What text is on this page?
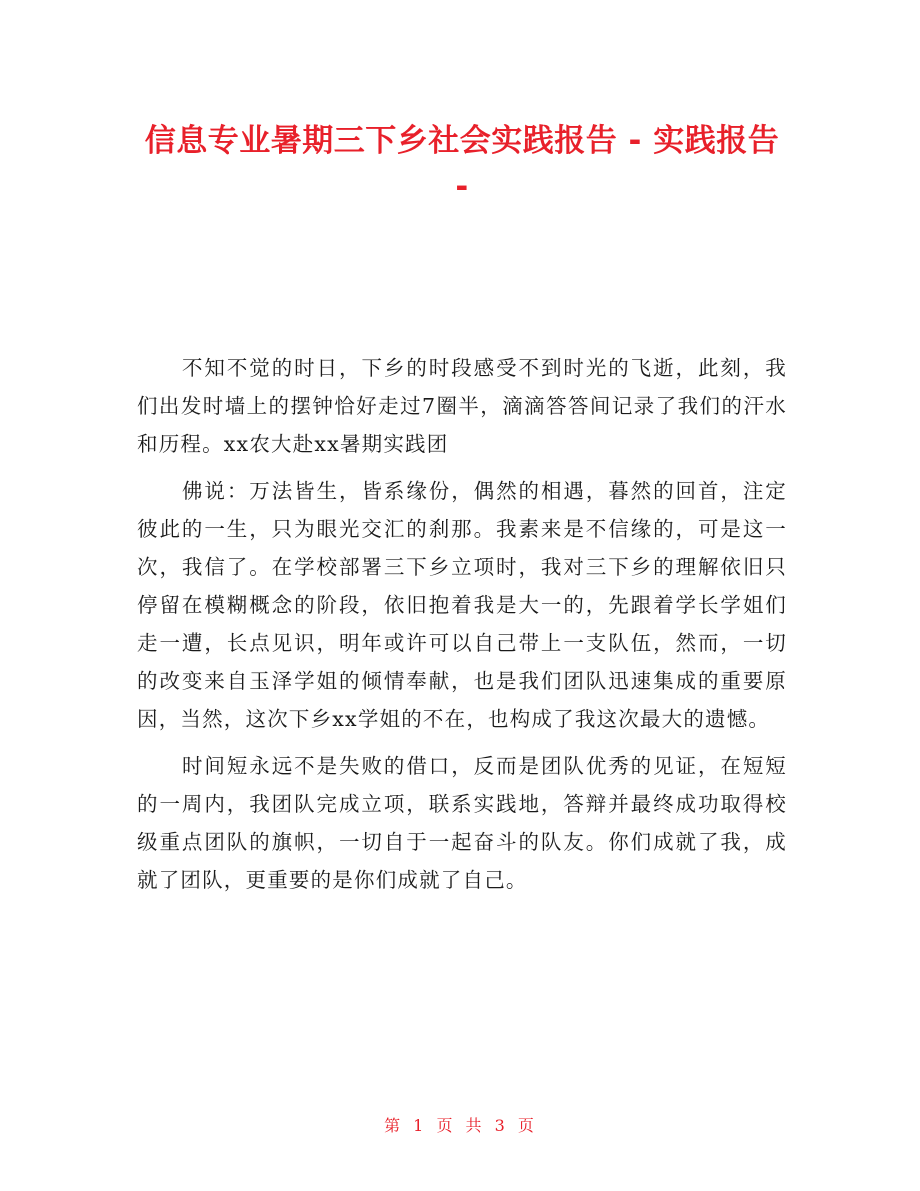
信息专业暑期三下乡社会实践报告 - 实践报告 -

不知不觉的时日，下乡的时段感受不到时光的飞逝，此刻，我们出发时墙上的摆钟恰好走过7圈半，滴滴答答间记录了我们的汗水和历程。xx农大赴xx暑期实践团

佛说：万法皆生，皆系缘份，偶然的相遇，暮然的回首，注定彼此的一生，只为眼光交汇的刹那。我素来是不信缘的，可是这一次，我信了。在学校部署三下乡立项时，我对三下乡的理解依旧只停留在模糊概念的阶段，依旧抱着我是大一的，先跟着学长学姐们走一遭，长点见识，明年或许可以自己带上一支队伍，然而，一切的改变来自玉泽学姐的倾情奉献，也是我们团队迅速集成的重要原因，当然，这次下乡xx学姐的不在，也构成了我这次最大的遗憾。

时间短永远不是失败的借口，反而是团队优秀的见证，在短短的一周内，我团队完成立项，联系实践地，答辩并最终成功取得校级重点团队的旗帜，一切自于一起奋斗的队友。你们成就了我，成就了团队，更重要的是你们成就了自己。

第 1 页 共 3 页
